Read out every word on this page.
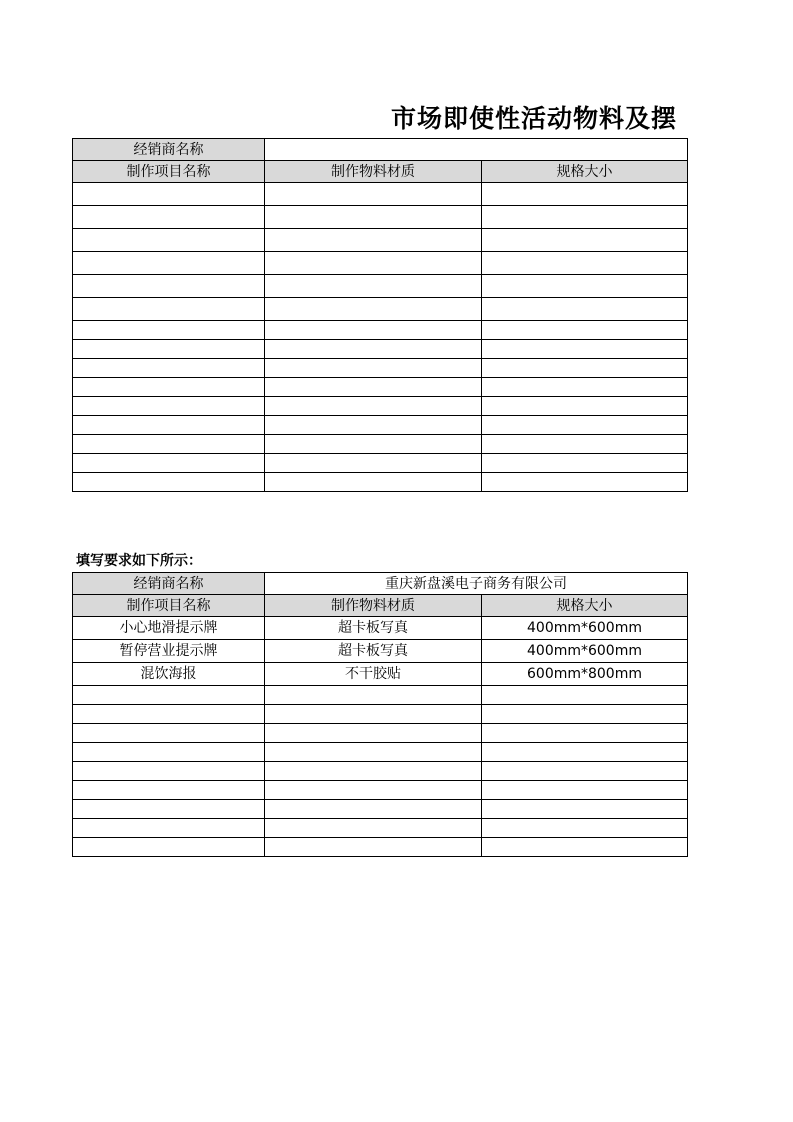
市场即使性活动物料及摆
经销商名称		
制作项目名称	制作物料材质	规格大小

填写要求如下所示：
经销商名称	重庆新盘溪电子商务有限公司	
制作项目名称	制作物料材质	规格大小
小心地滑提示牌	超卡板写真	400mm*600mm
暂停营业提示牌	超卡板写真	400mm*600mm
混饮海报	不干胶贴	600mm*800mm
